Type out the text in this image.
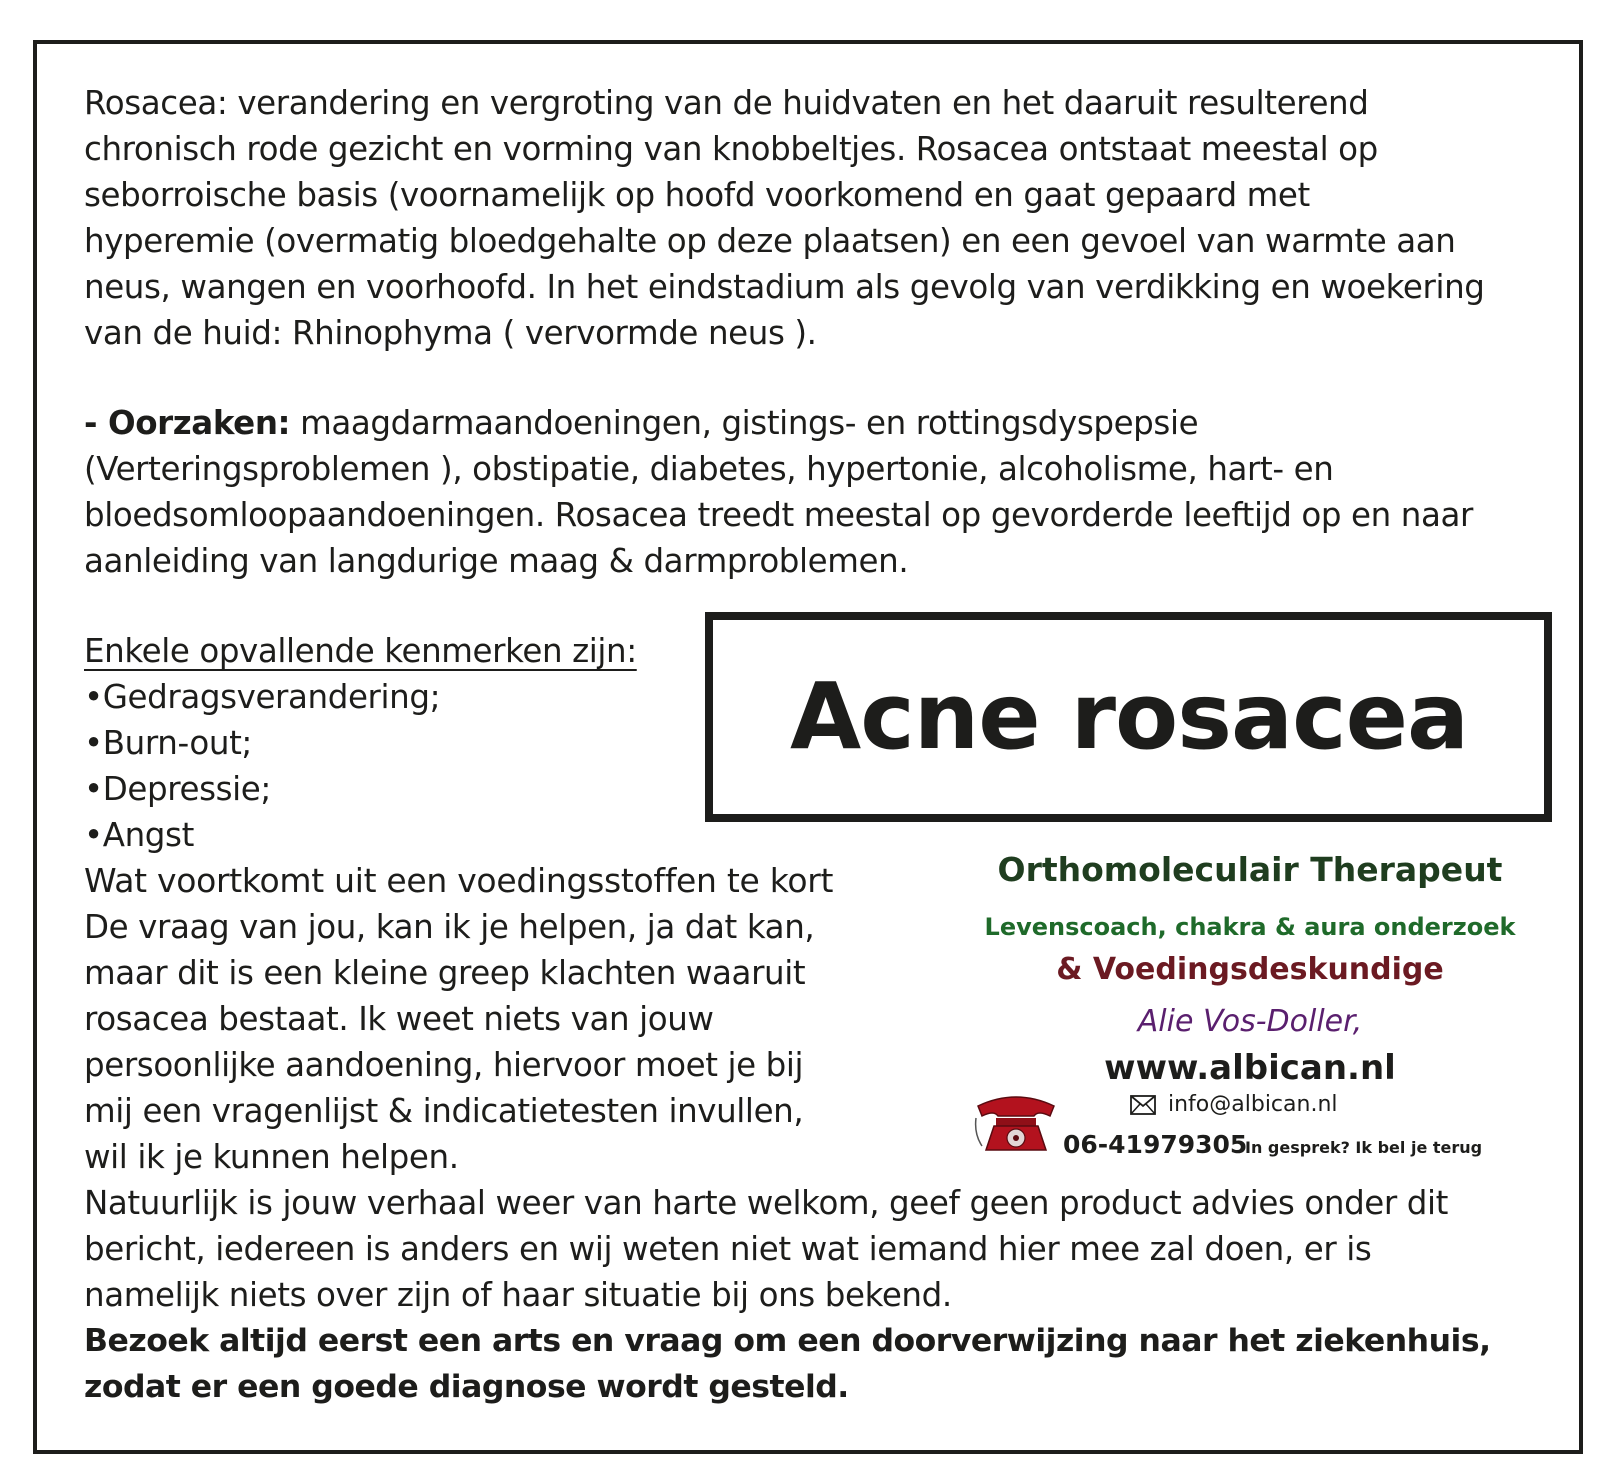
Rosacea: verandering en vergroting van de huidvaten en het daaruit resulterend

chronisch rode gezicht en vorming van knobbeltjes. Rosacea ontstaat meestal op

seborroische basis (voornamelijk op hoofd voorkomend en gaat gepaard met

hyperemie (overmatig bloedgehalte op deze plaatsen) en een gevoel van warmte aan

neus, wangen en voorhoofd. In het eindstadium als gevolg van verdikking en woekering

van de huid: Rhinophyma ( vervormde neus ).

- Oorzaken: maagdarmaandoeningen, gistings- en rottingsdyspepsie

(Verteringsproblemen ), obstipatie, diabetes, hypertonie, alcoholisme, hart- en

bloedsomloopaandoeningen. Rosacea treedt meestal op gevorderde leeftijd op en naar

aanleiding van langdurige maag & darmproblemen.

Enkele opvallende kenmerken zijn:

•Gedragsverandering;

•Burn-out;

•Depressie;

•Angst

Wat voortkomt uit een voedingsstoffen te kort

De vraag van jou, kan ik je helpen, ja dat kan,

maar dit is een kleine greep klachten waaruit

rosacea bestaat. Ik weet niets van jouw

persoonlijke aandoening, hiervoor moet je bij

mij een vragenlijst & indicatietesten invullen,

wil ik je kunnen helpen.

Natuurlijk is jouw verhaal weer van harte welkom, geef geen product advies onder dit

bericht, iedereen is anders en wij weten niet wat iemand hier mee zal doen, er is

namelijk niets over zijn of haar situatie bij ons bekend.

Bezoek altijd eerst een arts en vraag om een doorverwijzing naar het ziekenhuis,

zodat er een goede diagnose wordt gesteld.

Acne rosacea

Orthomoleculair Therapeut

Levenscoach, chakra & aura onderzoek

& Voedingsdeskundige

Alie Vos-Doller,

www.albican.nl

info@albican.nl
06-41979305
In gesprek? Ik bel je terug
